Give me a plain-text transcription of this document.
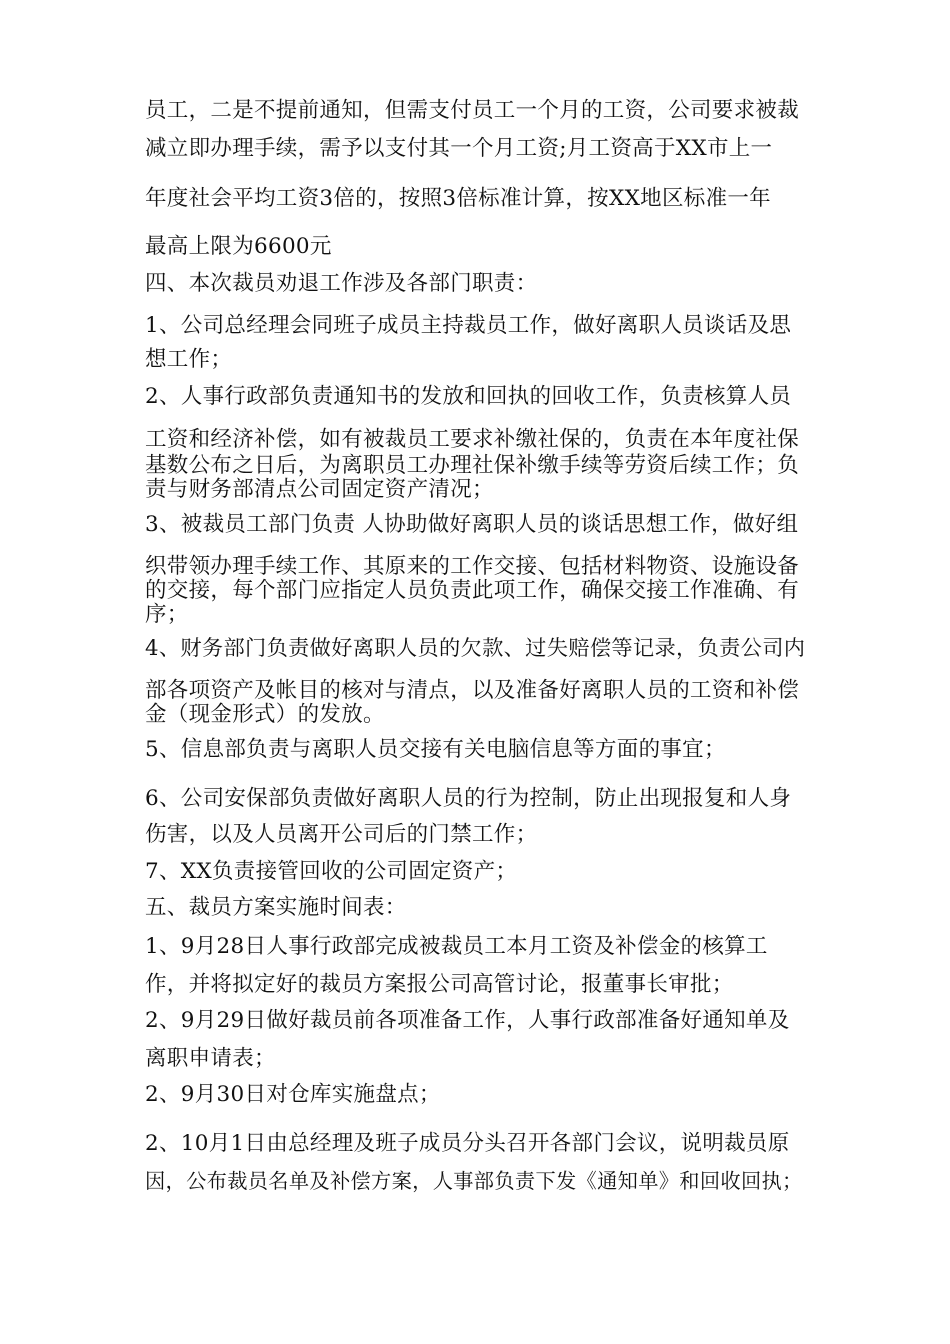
员工，二是不提前通知，但需支付员工一个月的工资，公司要求被裁
减立即办理手续，需予以支付其一个月工资;月工资高于XX市上一
年度社会平均工资3倍的，按照3倍标准计算，按XX地区标准一年
最高上限为6600元
四、本次裁员劝退工作涉及各部门职责：
1、公司总经理会同班子成员主持裁员工作，做好离职人员谈话及思
想工作；
2、人事行政部负责通知书的发放和回执的回收工作，负责核算人员
工资和经济补偿，如有被裁员工要求补缴社保的，负责在本年度社保
基数公布之日后，为离职员工办理社保补缴手续等劳资后续工作；负
责与财务部清点公司固定资产清况；
3、被裁员工部门负责 人协助做好离职人员的谈话思想工作，做好组
织带领办理手续工作、其原来的工作交接、包括材料物资、设施设备
的交接，每个部门应指定人员负责此项工作，确保交接工作准确、有
序；
4、财务部门负责做好离职人员的欠款、过失赔偿等记录，负责公司内
部各项资产及帐目的核对与清点，以及准备好离职人员的工资和补偿
金（现金形式）的发放。
5、信息部负责与离职人员交接有关电脑信息等方面的事宜；
6、公司安保部负责做好离职人员的行为控制，防止出现报复和人身
伤害，以及人员离开公司后的门禁工作；
7、XX负责接管回收的公司固定资产；
五、裁员方案实施时间表：
1、9月28日人事行政部完成被裁员工本月工资及补偿金的核算工
作，并将拟定好的裁员方案报公司高管讨论，报董事长审批；
2、9月29日做好裁员前各项准备工作，人事行政部准备好通知单及
离职申请表；
2、9月30日对仓库实施盘点；
2、10月1日由总经理及班子成员分头召开各部门会议，说明裁员原
因，公布裁员名单及补偿方案，人事部负责下发《通知单》和回收回执；
